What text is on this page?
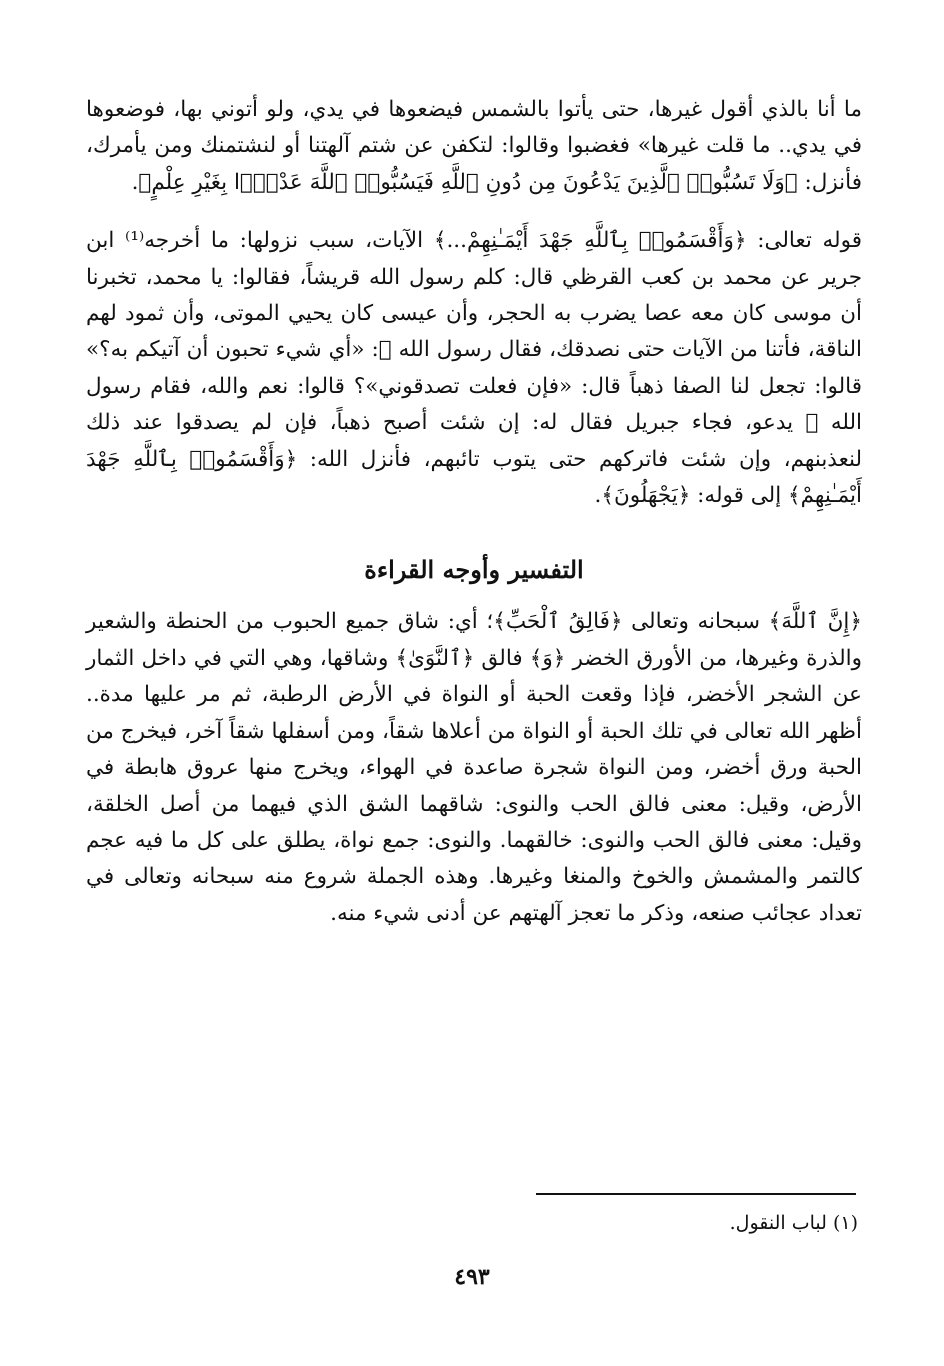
ما أنا بالذي أقول غيرها، حتى يأتوا بالشمس فيضعوها في يدي، ولو أتوني بها، فوضعوها في يدي.. ما قلت غيرها» فغضبوا وقالوا: لتكفن عن شتم آلهتنا أو لنشتمنك ومن يأمرك، فأنزل: ﴿وَلَا تَسُبُّوا۟ ٱلَّذِينَ يَدْعُونَ مِن دُونِ ٱللَّهِ فَيَسُبُّوا۟ ٱللَّهَ عَدْوًۢا بِغَيْرِ عِلْمٍ﴾.

قوله تعالى: ﴿وَأَقْسَمُوا۟ بِٱللَّهِ جَهْدَ أَيْمَـٰنِهِمْ...﴾ الآيات، سبب نزولها: ما أخرجه⁽¹⁾ ابن جرير عن محمد بن كعب القرظي قال: كلم رسول الله قريشاً، فقالوا: يا محمد، تخبرنا أن موسى كان معه عصا يضرب به الحجر، وأن عيسى كان يحيي الموتى، وأن ثمود لهم الناقة، فأتنا من الآيات حتى نصدقك، فقال رسول الله ﷺ: «أي شيء تحبون أن آتيكم به؟» قالوا: تجعل لنا الصفا ذهباً قال: «فإن فعلت تصدقوني»؟ قالوا: نعم والله، فقام رسول الله ﷺ يدعو، فجاء جبريل فقال له: إن شئت أصبح ذهباً، فإن لم يصدقوا عند ذلك لنعذبنهم، وإن شئت فاتركهم حتى يتوب تائبهم، فأنزل الله: ﴿وَأَقْسَمُوا۟ بِٱللَّهِ جَهْدَ أَيْمَـٰنِهِمْ﴾ إلى قوله: ﴿يَجْهَلُونَ﴾.

التفسير وأوجه القراءة

﴿إِنَّ ٱللَّهَ﴾ سبحانه وتعالى ﴿فَالِقُ ٱلْحَبِّ﴾؛ أي: شاق جميع الحبوب من الحنطة والشعير والذرة وغيرها، من الأورق الخضر ﴿وَ﴾ فالق ﴿ٱلنَّوَىٰ﴾ وشاقها، وهي التي في داخل الثمار عن الشجر الأخضر، فإذا وقعت الحبة أو النواة في الأرض الرطبة، ثم مر عليها مدة.. أظهر الله تعالى في تلك الحبة أو النواة من أعلاها شقاً، ومن أسفلها شقاً آخر، فيخرج من الحبة ورق أخضر، ومن النواة شجرة صاعدة في الهواء، ويخرج منها عروق هابطة في الأرض، وقيل: معنى فالق الحب والنوى: شاقهما الشق الذي فيهما من أصل الخلقة، وقيل: معنى فالق الحب والنوى: خالقهما. والنوى: جمع نواة، يطلق على كل ما فيه عجم كالتمر والمشمش والخوخ والمنغا وغيرها. وهذه الجملة شروع منه سبحانه وتعالى في تعداد عجائب صنعه، وذكر ما تعجز آلهتهم عن أدنى شيء منه.

(١) لباب النقول.
٤٩٣
